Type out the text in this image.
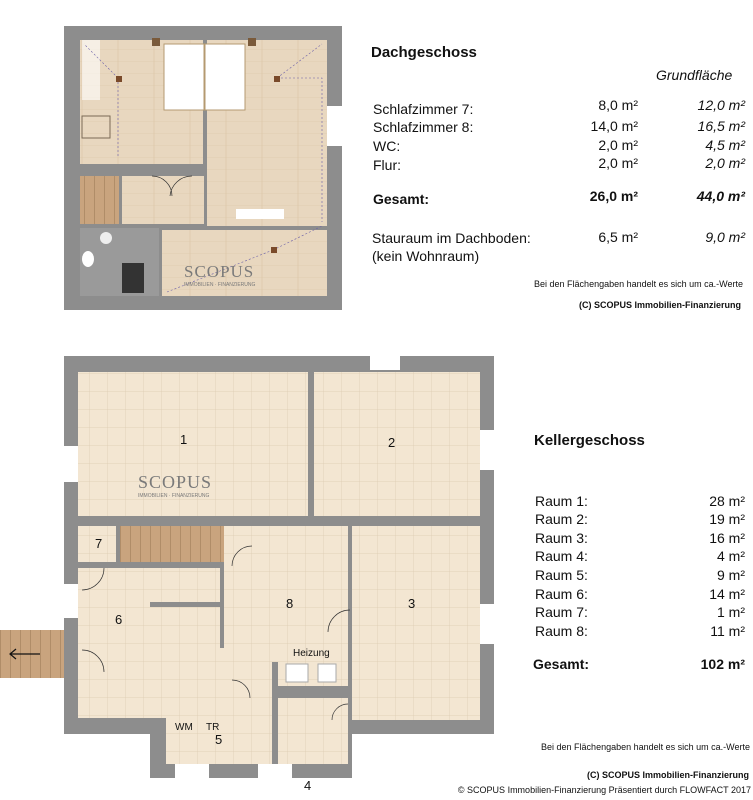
SCOPUS
IMMOBILIEN · FINANZIERUNG
Dachgeschoss
Grundfläche
Schlafzimmer 7:	8,0 m²	12,0 m²
Schlafzimmer 8:	14,0 m²	16,5 m²
WC:	2,0 m²	4,5 m²
Flur:	2,0 m²	2,0 m²
Gesamt:	26,0 m²	44,0 m²
Stauraum im Dachboden:
(kein Wohnraum)
6,5 m²	9,0 m²
Bei den Flächengaben handelt es sich um ca.-Werte
(C) SCOPUS Immobilien-Finanzierung
1	2
3
4
5
6
7
8
Heizung
WM TR
SCOPUS
IMMOBILIEN · FINANZIERUNG
Kellergeschoss
Raum 1:	28 m²
Raum 2:	19 m²
Raum 3:	16 m²
Raum 4:	4 m²
Raum 5:	9 m²
Raum 6:	14 m²
Raum 7:	1 m²
Raum 8:	11 m²
Gesamt:	102 m²
Bei den Flächengaben handelt es sich um ca.-Werte
(C) SCOPUS Immobilien-Finanzierung
© SCOPUS Immobilien-Finanzierung Präsentiert durch FLOWFACT 2017
